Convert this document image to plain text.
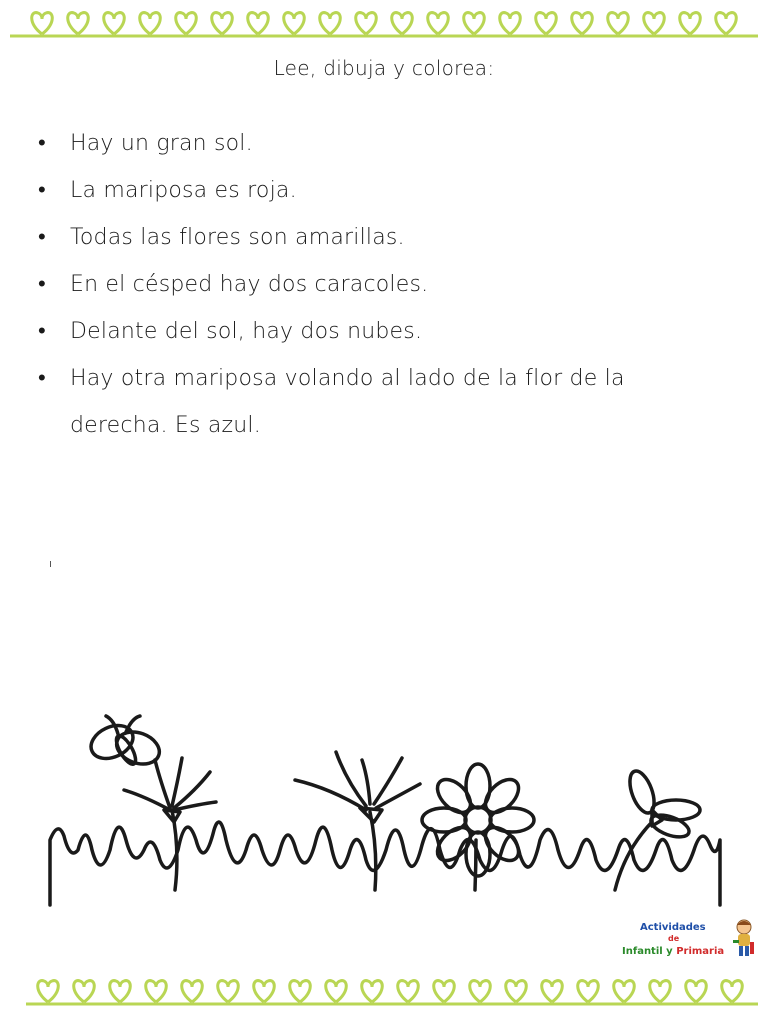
Lee, dibuja y colorea:
• Hay un gran sol.
• La mariposa es roja.
• Todas las flores son amarillas.
• En el césped hay dos caracoles.
• Delante del sol, hay dos nubes.
• Hay otra mariposa volando al lado de la flor de la
derecha. Es azul.
Actividades
de
Infantil y Primaria
